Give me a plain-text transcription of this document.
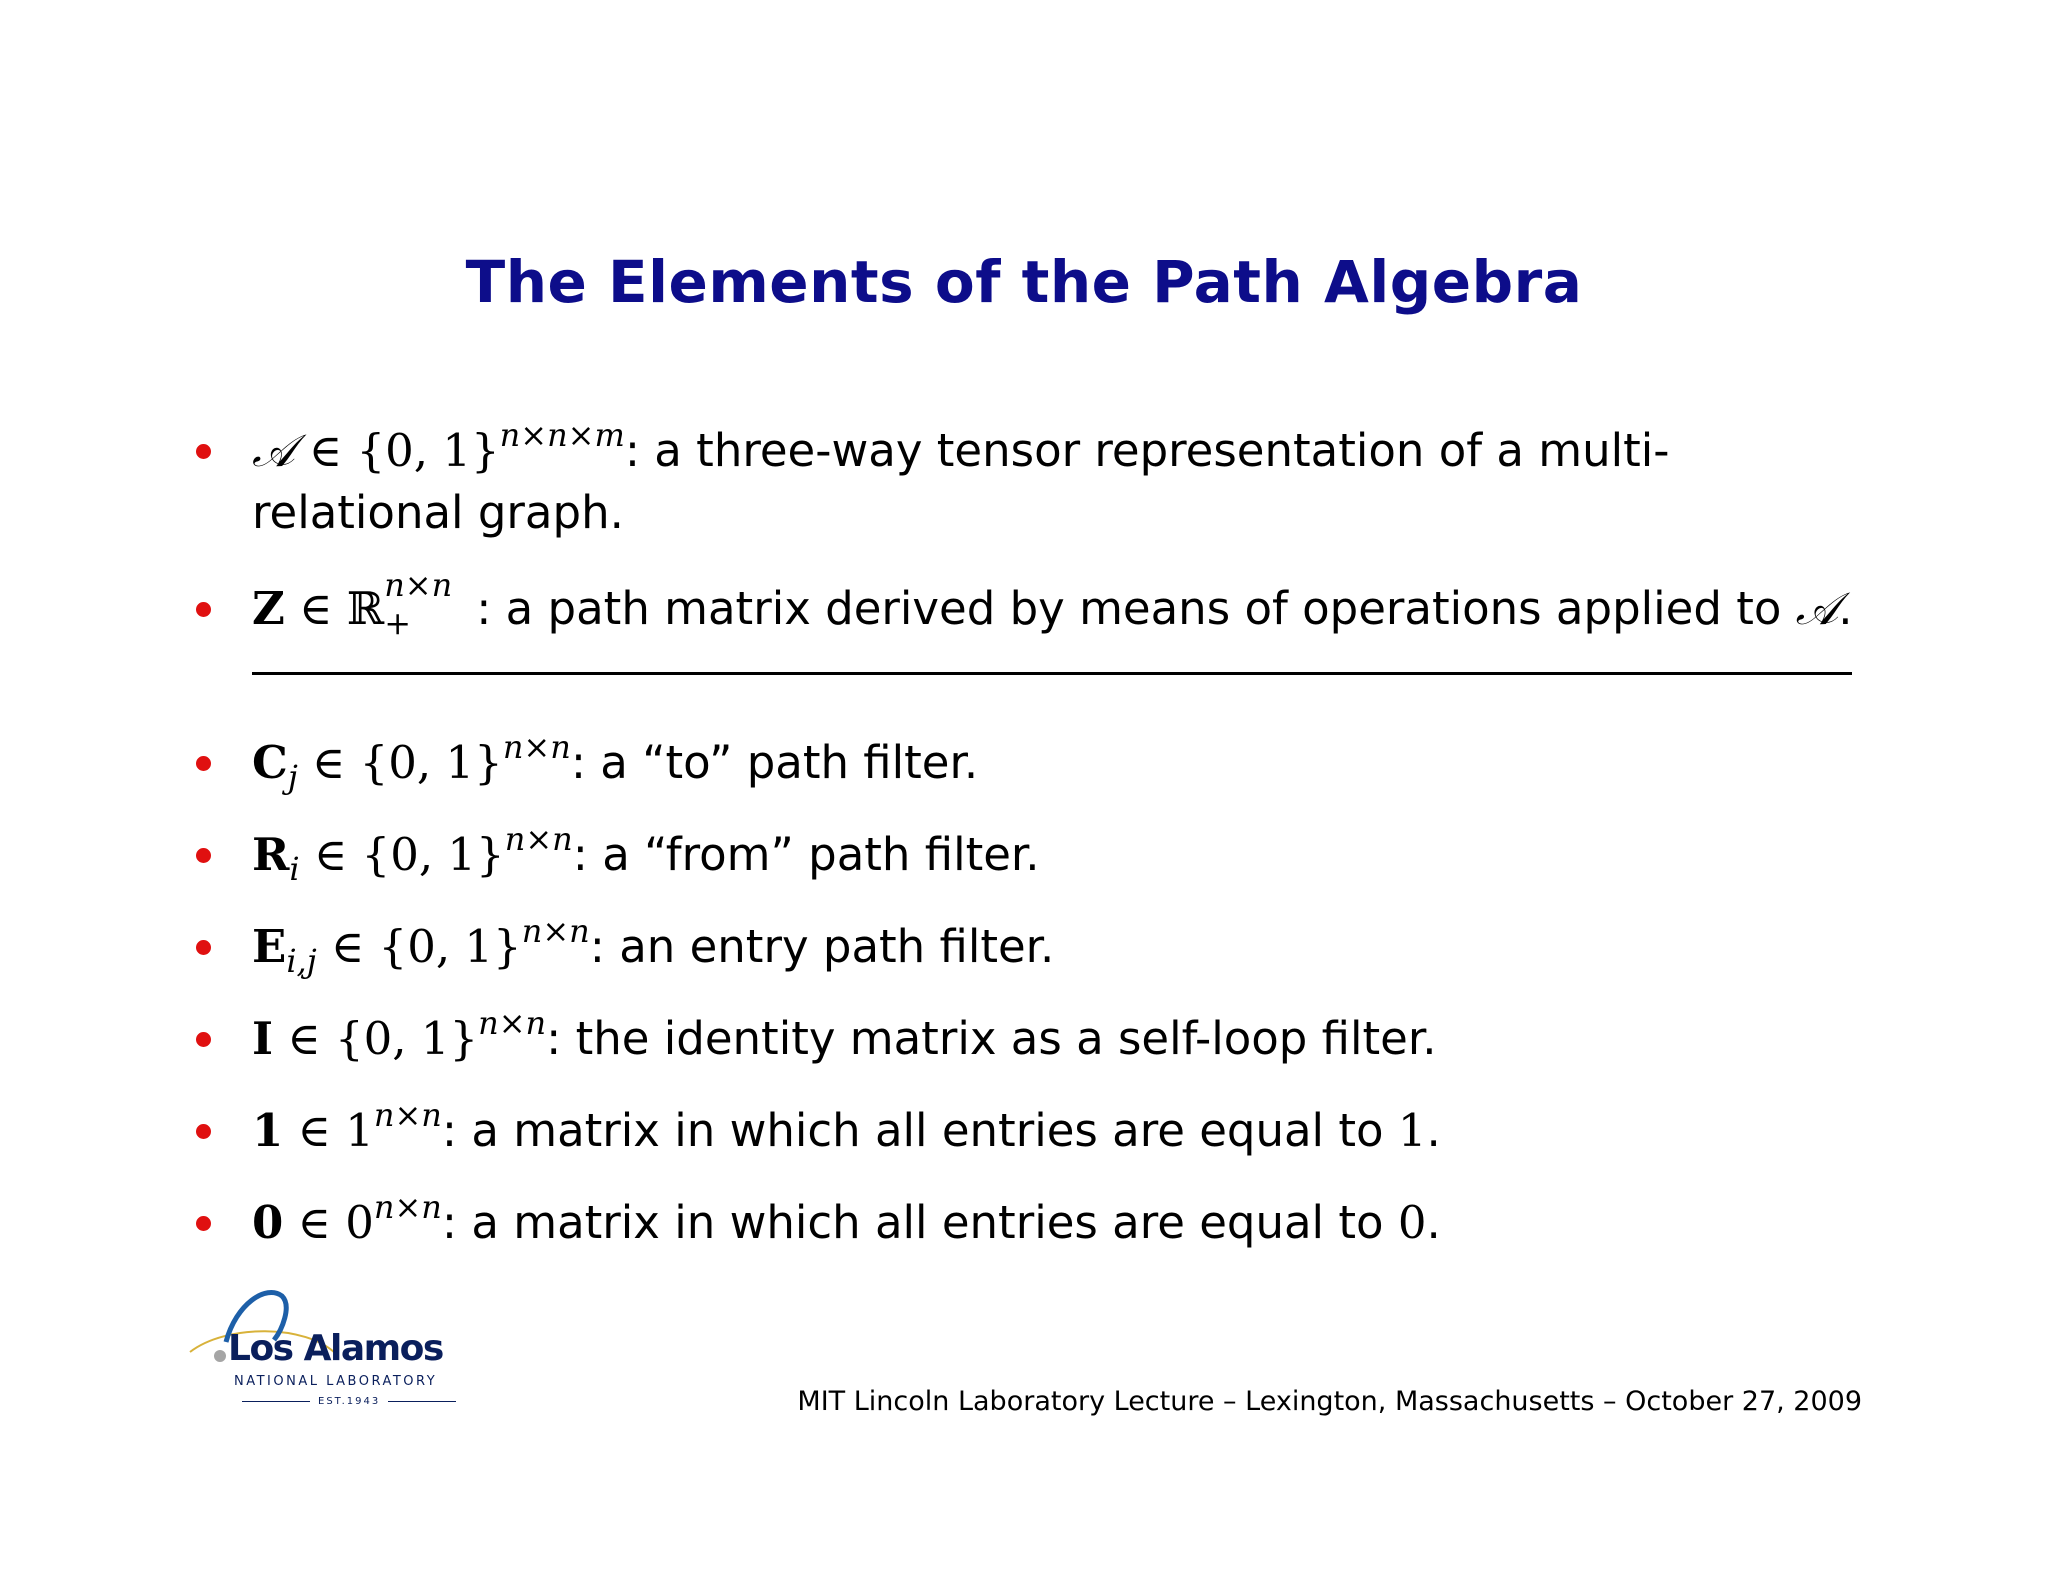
The Elements of the Path Algebra
𝒜 ∈ {0, 1}$^{n\times n\times m}$: a three-way tensor representation of a multi-relational graph.
Z ∈ ℝ n×n
+ : a path matrix derived by means of operations applied to 𝒜.
$C_j$ ∈ {0, 1}$^{n\times n}$: a “to” path filter.
$R_i$ ∈ {0, 1}$^{n\times n}$: a “from” path filter.
$E_{i,j}$ ∈ {0, 1}$^{n\times n}$: an entry path filter.
I ∈ {0, 1}$^{n\times n}$: the identity matrix as a self-loop filter.
1 ∈ $1^{n\times n}$: a matrix in which all entries are equal to 1.
0 ∈ $0^{n\times n}$: a matrix in which all entries are equal to 0.
Los Alamos
NATIONAL LABORATORY
EST.1943	MIT Lincoln Laboratory Lecture – Lexington, Massachusetts – October 27, 2009
